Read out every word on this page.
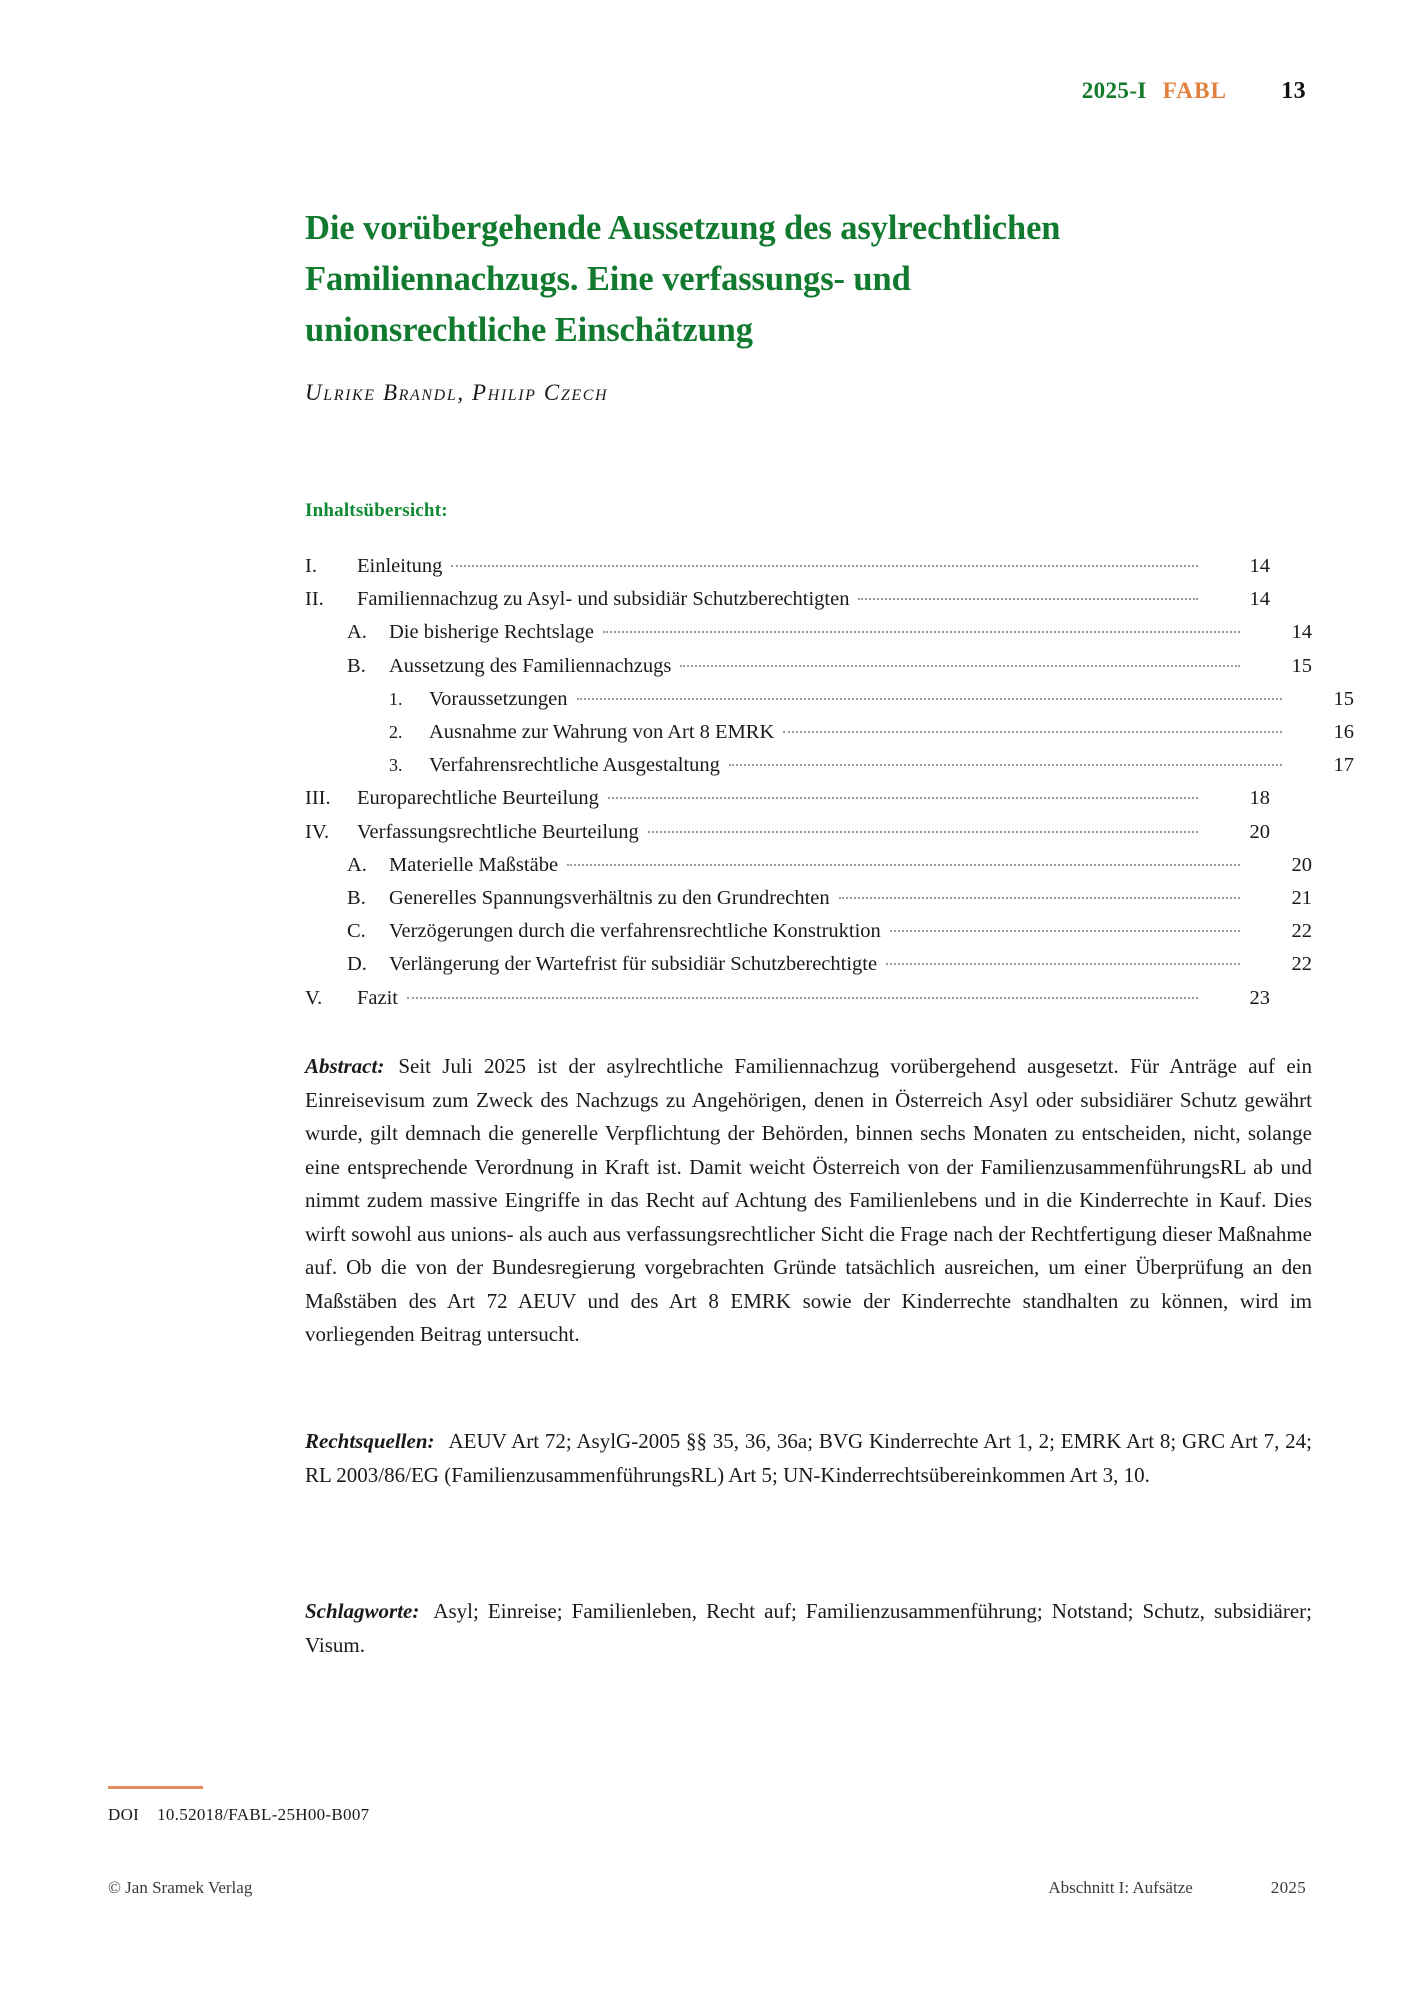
2025-I FABL 13
Die vorübergehende Aussetzung des asylrechtlichen
Familiennachzugs. Eine verfassungs- und
unionsrechtliche Einschätzung
Ulrike Brandl, Philip Czech
Inhaltsübersicht:
I.	Einleitung	14
II.	Familiennachzug zu Asyl- und subsidiär Schutzberechtigten	14
A.	Die bisherige Rechtslage	14
B.	Aussetzung des Familiennachzugs	15
1.	Voraussetzungen	15
2.	Ausnahme zur Wahrung von Art 8 EMRK	16
3.	Verfahrensrechtliche Ausgestaltung	17
III.	Europarechtliche Beurteilung	18
IV.	Verfassungsrechtliche Beurteilung	20
A.	Materielle Maßstäbe	20
B.	Generelles Spannungsverhältnis zu den Grundrechten	21
C.	Verzögerungen durch die verfahrensrechtliche Konstruktion	22
D.	Verlängerung der Wartefrist für subsidiär Schutzberechtigte	22
V.	Fazit	23
Abstract: Seit Juli 2025 ist der asylrechtliche Familiennachzug vorübergehend ausgesetzt. Für Anträge auf ein Einreisevisum zum Zweck des Nachzugs zu Angehörigen, denen in Österreich Asyl oder subsidiärer Schutz gewährt wurde, gilt demnach die generelle Verpflichtung der Behörden, binnen sechs Monaten zu entscheiden, nicht, solange eine entsprechende Verordnung in Kraft ist. Damit weicht Österreich von der FamilienzusammenführungsRL ab und nimmt zudem massive Eingriffe in das Recht auf Achtung des Familienlebens und in die Kinderrechte in Kauf. Dies wirft sowohl aus unions- als auch aus verfassungsrechtlicher Sicht die Frage nach der Rechtfertigung dieser Maßnahme auf. Ob die von der Bundesregierung vorgebrachten Gründe tatsächlich ausreichen, um einer Überprüfung an den Maßstäben des Art 72 AEUV und des Art 8 EMRK sowie der Kinderrechte standhalten zu können, wird im vorliegenden Beitrag untersucht.
Rechtsquellen: AEUV Art 72; AsylG-2005 §§ 35, 36, 36a; BVG Kinderrechte Art 1, 2; EMRK Art 8; GRC Art 7, 24; RL 2003/86/EG (FamilienzusammenführungsRL) Art 5; UN-Kinderrechtsübereinkommen Art 3, 10.
Schlagworte: Asyl; Einreise; Familienleben, Recht auf; Familienzusammenführung; Notstand; Schutz, subsidiärer; Visum.
DOI 10.52018/FABL-25H00-B007
© Jan Sramek Verlag	Abschnitt I: Aufsätze	2025
